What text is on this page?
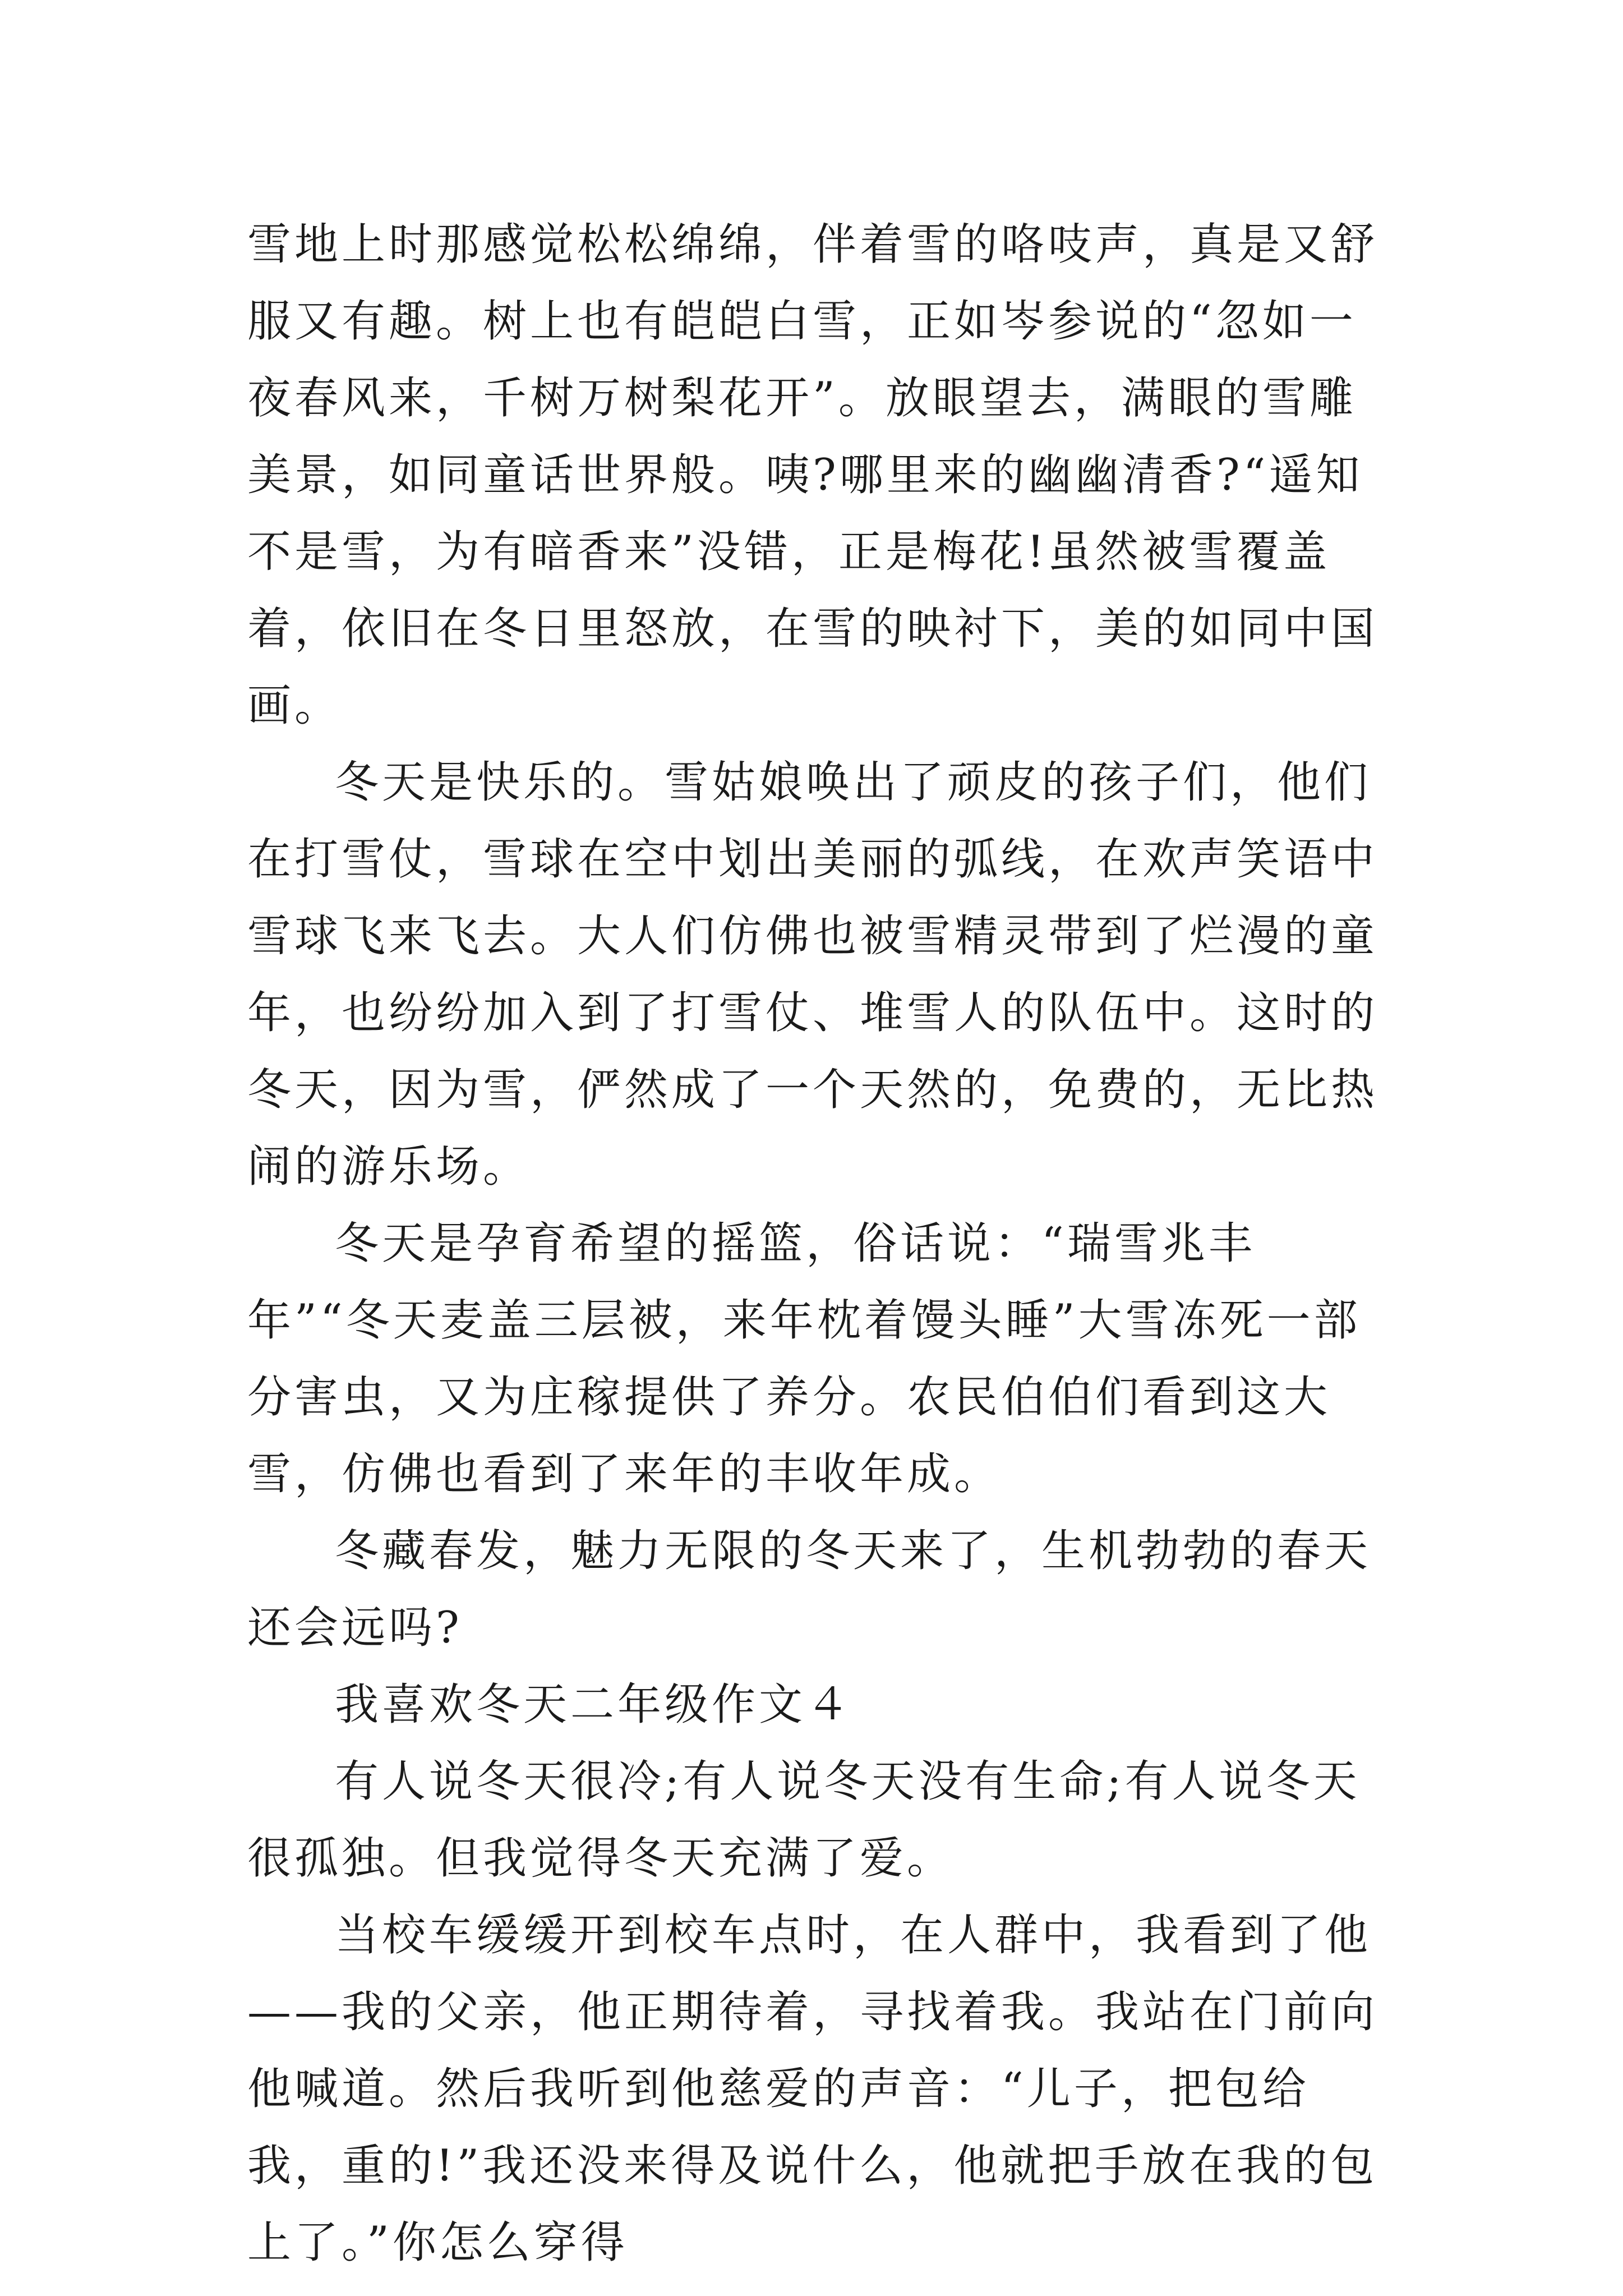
雪地上时那感觉松松绵绵，伴着雪的咯吱声，真是又舒服又有趣。树上也有皑皑白雪，正如岑参说的“忽如一夜春风来，千树万树梨花开”。放眼望去，满眼的雪雕美景，如同童话世界般。咦?哪里来的幽幽清香?“遥知不是雪，为有暗香来”没错，正是梅花!虽然被雪覆盖着，依旧在冬日里怒放，在雪的映衬下，美的如同中国画。

冬天是快乐的。雪姑娘唤出了顽皮的孩子们，他们在打雪仗，雪球在空中划出美丽的弧线，在欢声笑语中雪球飞来飞去。大人们仿佛也被雪精灵带到了烂漫的童年，也纷纷加入到了打雪仗、堆雪人的队伍中。这时的冬天，因为雪，俨然成了一个天然的，免费的，无比热闹的游乐场。

冬天是孕育希望的摇篮，俗话说：“瑞雪兆丰年”“冬天麦盖三层被，来年枕着馒头睡”大雪冻死一部分害虫，又为庄稼提供了养分。农民伯伯们看到这大雪，仿佛也看到了来年的丰收年成。

冬藏春发，魅力无限的冬天来了，生机勃勃的春天还会远吗?

我喜欢冬天二年级作文４

有人说冬天很冷;有人说冬天没有生命;有人说冬天很孤独。但我觉得冬天充满了爱。

当校车缓缓开到校车点时，在人群中，我看到了他——我的父亲，他正期待着，寻找着我。我站在门前向他喊道。然后我听到他慈爱的声音：“儿子，把包给我，重的!”我还没来得及说什么，他就把手放在我的包上了。”你怎么穿得
